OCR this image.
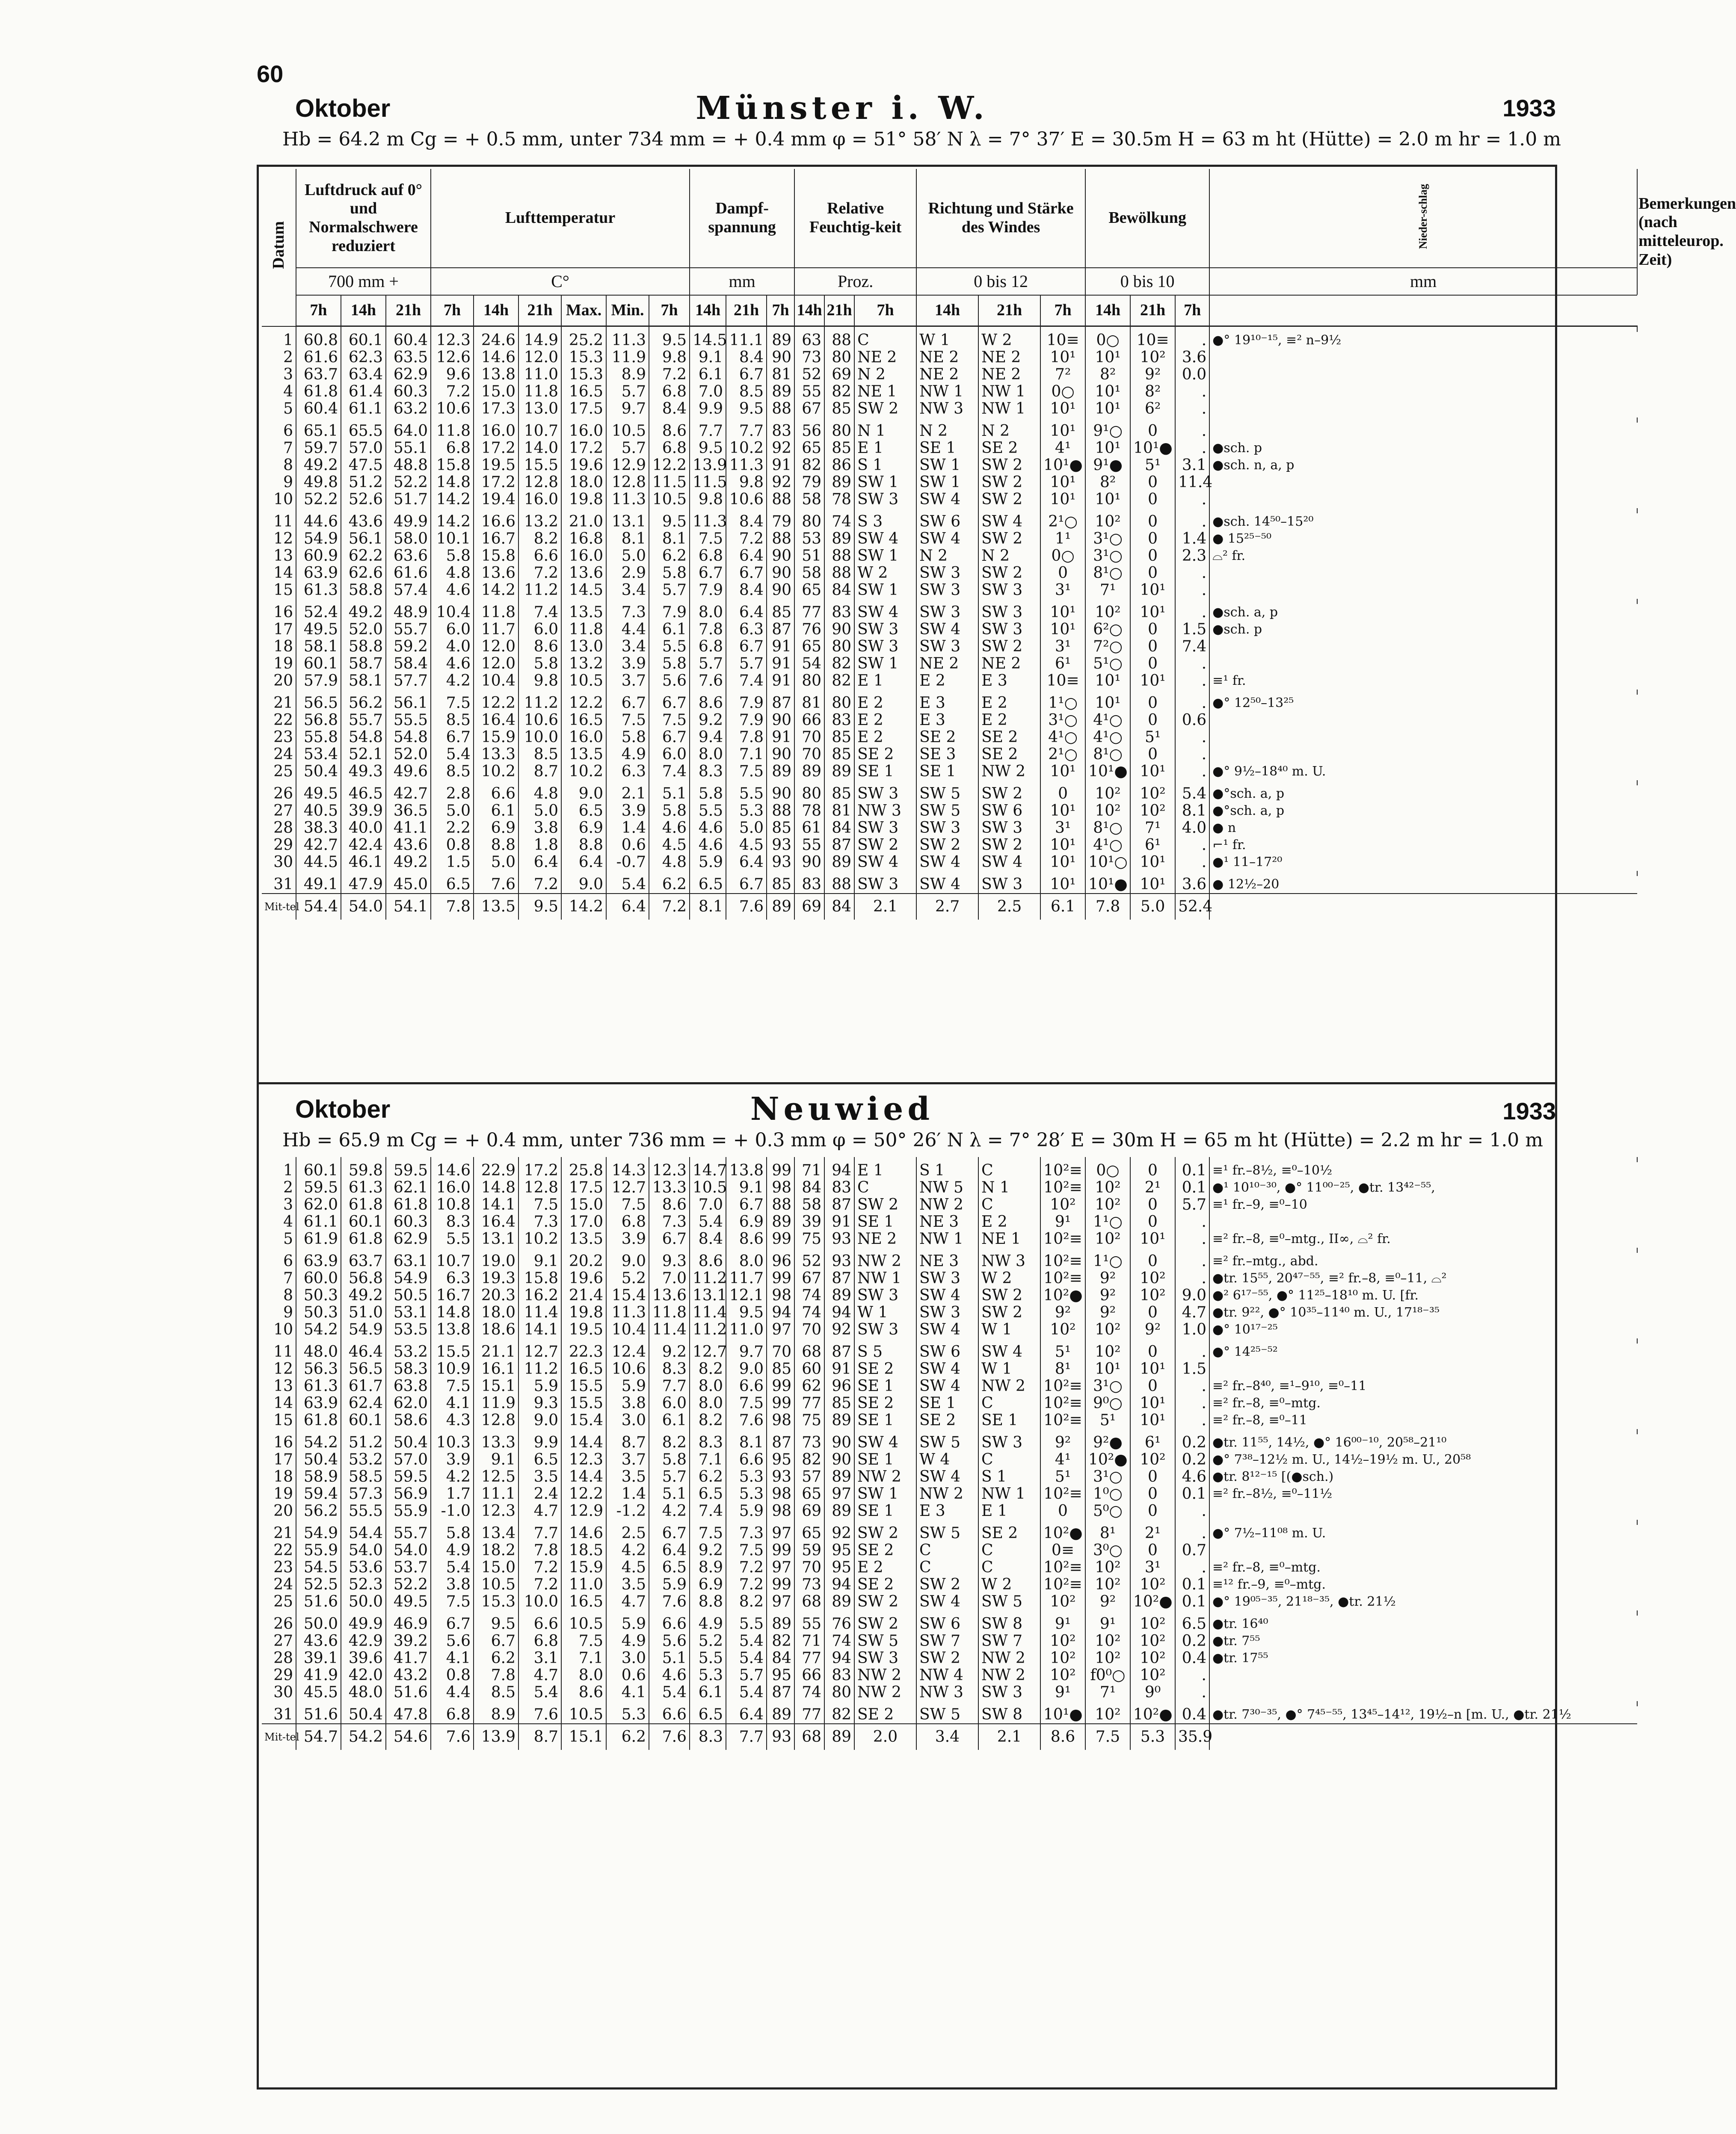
60
Oktober	Münster i. W.	1933
Hb = 64.2 m Cg = + 0.5 mm, unter 734 mm = + 0.4 mm φ = 51° 58′ N λ = 7° 37′ E = 30.5m H = 63 m ht (Hütte) = 2.0 m hr = 1.0 m
Datum	Luftdruck auf 0° und Normalschwere reduziert			Lufttemperatur						Dampf-spannung			Relative Feuchtig-keit			Richtung und Stärke des Windes			Bewölkung			Nieder-schlag	Bemerkungen (nach mitteleurop. Zeit)
	700 mm +			C°						mm			Proz.			0 bis 12			0 bis 10			mm	
	7h	14h	21h	7h	14h	21h	Max.	Min.	7h	14h	21h	7h	14h	21h	7h	14h	21h	7h	14h	21h	7h		

1	60.8	60.1	60.4	12.3	24.6	14.9	25.2	11.3	9.5	14.5	11.1	89	63	88	C	W 1	W 2	10≡	0○	10≡	.	●° 19¹⁰⁻¹⁵, ≡² n–9½	
2	61.6	62.3	63.5	12.6	14.6	12.0	15.3	11.9	9.8	9.1	8.4	90	73	80	NE 2	NE 2	NE 2	10¹	10¹	10²	3.6		
3	63.7	63.4	62.9	9.6	13.8	11.0	15.3	8.9	7.2	6.1	6.7	81	52	69	N 2	NE 2	NE 2	7²	8²	9²	0.0		
4	61.8	61.4	60.3	7.2	15.0	11.8	16.5	5.7	6.8	7.0	8.5	89	55	82	NE 1	NW 1	NW 1	0○	10¹	8²	.		
5	60.4	61.1	63.2	10.6	17.3	13.0	17.5	9.7	8.4	9.9	9.5	88	67	85	SW 2	NW 3	NW 1	10¹	10¹	6²	.		

6	65.1	65.5	64.0	11.8	16.0	10.7	16.0	10.5	8.6	7.7	7.7	83	56	80	N 1	N 2	N 2	10¹	9¹○	0	.		
7	59.7	57.0	55.1	6.8	17.2	14.0	17.2	5.7	6.8	9.5	10.2	92	65	85	E 1	SE 1	SE 2	4¹	10¹	10¹●	.	●sch. p	
8	49.2	47.5	48.8	15.8	19.5	15.5	19.6	12.9	12.2	13.9	11.3	91	82	86	S 1	SW 1	SW 2	10¹●	9¹●	5¹	3.1	●sch. n, a, p	
9	49.8	51.2	52.2	14.8	17.2	12.8	18.0	12.8	11.5	11.5	9.8	92	79	89	SW 1	SW 1	SW 2	10¹	8²	0	11.4		
10	52.2	52.6	51.7	14.2	19.4	16.0	19.8	11.3	10.5	9.8	10.6	88	58	78	SW 3	SW 4	SW 2	10¹	10¹	0	.		

11	44.6	43.6	49.9	14.2	16.6	13.2	21.0	13.1	9.5	11.3	8.4	79	80	74	S 3	SW 6	SW 4	2¹○	10²	0	.	●sch. 14⁵⁰–15²⁰	
12	54.9	56.1	58.0	10.1	16.7	8.2	16.8	8.1	8.1	7.5	7.2	88	53	89	SW 4	SW 4	SW 2	1¹	3¹○	0	1.4	● 15²⁵⁻⁵⁰	
13	60.9	62.2	63.6	5.8	15.8	6.6	16.0	5.0	6.2	6.8	6.4	90	51	88	SW 1	N 2	N 2	0○	3¹○	0	2.3	⌓² fr.	
14	63.9	62.6	61.6	4.8	13.6	7.2	13.6	2.9	5.8	6.7	6.7	90	58	88	W 2	SW 3	SW 2	0	8¹○	0	.		
15	61.3	58.8	57.4	4.6	14.2	11.2	14.5	3.4	5.7	7.9	8.4	90	65	84	SW 1	SW 3	SW 3	3¹	7¹	10¹	.		

16	52.4	49.2	48.9	10.4	11.8	7.4	13.5	7.3	7.9	8.0	6.4	85	77	83	SW 4	SW 3	SW 3	10¹	10²	10¹	.	●sch. a, p	
17	49.5	52.0	55.7	6.0	11.7	6.0	11.8	4.4	6.1	7.8	6.3	87	76	90	SW 3	SW 4	SW 3	10¹	6²○	0	1.5	●sch. p	
18	58.1	58.8	59.2	4.0	12.0	8.6	13.0	3.4	5.5	6.8	6.7	91	65	80	SW 3	SW 3	SW 2	3¹	7²○	0	7.4		
19	60.1	58.7	58.4	4.6	12.0	5.8	13.2	3.9	5.8	5.7	5.7	91	54	82	SW 1	NE 2	NE 2	6¹	5¹○	0	.		
20	57.9	58.1	57.7	4.2	10.4	9.8	10.5	3.7	5.6	7.6	7.4	91	80	82	E 1	E 2	E 3	10≡	10¹	10¹	.	≡¹ fr.	

21	56.5	56.2	56.1	7.5	12.2	11.2	12.2	6.7	6.7	8.6	7.9	87	81	80	E 2	E 3	E 2	1¹○	10¹	0	.	●° 12⁵⁰–13²⁵	
22	56.8	55.7	55.5	8.5	16.4	10.6	16.5	7.5	7.5	9.2	7.9	90	66	83	E 2	E 3	E 2	3¹○	4¹○	0	0.6		
23	55.8	54.8	54.8	6.7	15.9	10.0	16.0	5.8	6.7	9.4	7.8	91	70	85	E 2	SE 2	SE 2	4¹○	4¹○	5¹	.		
24	53.4	52.1	52.0	5.4	13.3	8.5	13.5	4.9	6.0	8.0	7.1	90	70	85	SE 2	SE 3	SE 2	2¹○	8¹○	0	.		
25	50.4	49.3	49.6	8.5	10.2	8.7	10.2	6.3	7.4	8.3	7.5	89	89	89	SE 1	SE 1	NW 2	10¹	10¹●	10¹	.	●° 9½–18⁴⁰ m. U.	

26	49.5	46.5	42.7	2.8	6.6	4.8	9.0	2.1	5.1	5.8	5.5	90	80	85	SW 3	SW 5	SW 2	0	10²	10²	5.4	●°sch. a, p	
27	40.5	39.9	36.5	5.0	6.1	5.0	6.5	3.9	5.8	5.5	5.3	88	78	81	NW 3	SW 5	SW 6	10¹	10²	10²	8.1	●°sch. a, p	
28	38.3	40.0	41.1	2.2	6.9	3.8	6.9	1.4	4.6	4.6	5.0	85	61	84	SW 3	SW 3	SW 3	3¹	8¹○	7¹	4.0	● n	
29	42.7	42.4	43.6	0.8	8.8	1.8	8.8	0.6	4.5	4.6	4.5	93	55	87	SW 2	SW 2	SW 2	10¹	4¹○	6¹	.	⌐¹ fr.	
30	44.5	46.1	49.2	1.5	5.0	6.4	6.4	-0.7	4.8	5.9	6.4	93	90	89	SW 4	SW 4	SW 4	10¹	10¹○	10¹	.	●¹ 11–17²⁰	

31	49.1	47.9	45.0	6.5	7.6	7.2	9.0	5.4	6.2	6.5	6.7	85	83	88	SW 3	SW 4	SW 3	10¹	10¹●	10¹	3.6	● 12½–20	
Mit-tel	54.4	54.0	54.1	7.8	13.5	9.5	14.2	6.4	7.2	8.1	7.6	89	69	84	2.1	2.7	2.5	6.1	7.8	5.0	52.4		
Oktober	Neuwied	1933
Hb = 65.9 m Cg = + 0.4 mm, unter 736 mm = + 0.3 mm φ = 50° 26′ N λ = 7° 28′ E = 30m H = 65 m ht (Hütte) = 2.2 m hr = 1.0 m

1	60.1	59.8	59.5	14.6	22.9	17.2	25.8	14.3	12.3	14.7	13.8	99	71	94	E 1	S 1	C	10²≡	0○	0	0.1	≡¹ fr.–8½, ≡⁰–10½
2	59.5	61.3	62.1	16.0	14.8	12.8	17.5	12.7	13.3	10.5	9.1	98	84	83	C	NW 5	N 1	10²≡	10²	2¹	0.1	●¹ 10¹⁰⁻³⁰, ●° 11⁰⁰⁻²⁵, ●tr. 13⁴²⁻⁵⁵,
3	62.0	61.8	61.8	10.8	14.1	7.5	15.0	7.5	8.6	7.0	6.7	88	58	87	SW 2	NW 2	C	10²	10²	0	5.7	≡¹ fr.–9, ≡⁰–10
4	61.1	60.1	60.3	8.3	16.4	7.3	17.0	6.8	7.3	5.4	6.9	89	39	91	SE 1	NE 3	E 2	9¹	1¹○	0	.	
5	61.9	61.8	62.9	5.5	13.1	10.2	13.5	3.9	6.7	8.4	8.6	99	75	93	NE 2	NW 1	NE 1	10²≡	10²	10¹	.	≡² fr.–8, ≡⁰–mtg., II∞, ⌓² fr.

6	63.9	63.7	63.1	10.7	19.0	9.1	20.2	9.0	9.3	8.6	8.0	96	52	93	NW 2	NE 3	NW 3	10²≡	1¹○	0	.	≡² fr.–mtg., abd.
7	60.0	56.8	54.9	6.3	19.3	15.8	19.6	5.2	7.0	11.2	11.7	99	67	87	NW 1	SW 3	W 2	10²≡	9²	10²	.	●tr. 15⁵⁵, 20⁴⁷⁻⁵⁵, ≡² fr.–8, ≡⁰–11, ⌓²
8	50.3	49.2	50.5	16.7	20.3	16.2	21.4	15.4	13.6	13.1	12.1	98	74	89	SW 3	SW 4	SW 2	10²●	9²	10²	9.0	●² 6¹⁷⁻⁵⁵, ●° 11²⁵–18¹⁰ m. U. [fr.
9	50.3	51.0	53.1	14.8	18.0	11.4	19.8	11.3	11.8	11.4	9.5	94	74	94	W 1	SW 3	SW 2	9²	9²	0	4.7	●tr. 9²², ●° 10³⁵–11⁴⁰ m. U., 17¹⁸⁻³⁵
10	54.2	54.9	53.5	13.8	18.6	14.1	19.5	10.4	11.4	11.2	11.0	97	70	92	SW 3	SW 4	W 1	10²	10²	9²	1.0	●° 10¹⁷⁻²⁵

11	48.0	46.4	53.2	15.5	21.1	12.7	22.3	12.4	9.2	12.7	9.7	70	68	87	S 5	SW 6	SW 4	5¹	10²	0	.	●° 14²⁵⁻⁵²
12	56.3	56.5	58.3	10.9	16.1	11.2	16.5	10.6	8.3	8.2	9.0	85	60	91	SE 2	SW 4	W 1	8¹	10¹	10¹	1.5	
13	61.3	61.7	63.8	7.5	15.1	5.9	15.5	5.9	7.7	8.0	6.6	99	62	96	SE 1	SW 4	NW 2	10²≡	3¹○	0	.	≡² fr.–8⁴⁰, ≡¹–9¹⁰, ≡⁰–11
14	63.9	62.4	62.0	4.1	11.9	9.3	15.5	3.8	6.0	8.0	7.5	99	77	85	SE 2	SE 1	C	10²≡	9⁰○	10¹	.	≡² fr.–8, ≡⁰–mtg.
15	61.8	60.1	58.6	4.3	12.8	9.0	15.4	3.0	6.1	8.2	7.6	98	75	89	SE 1	SE 2	SE 1	10²≡	5¹	10¹	.	≡² fr.–8, ≡⁰–11

16	54.2	51.2	50.4	10.3	13.3	9.9	14.4	8.7	8.2	8.3	8.1	87	73	90	SW 4	SW 5	SW 3	9²	9²●	6¹	0.2	●tr. 11⁵⁵, 14½, ●° 16⁰⁰⁻¹⁰, 20⁵⁸–21¹⁰
17	50.4	53.2	57.0	3.9	9.1	6.5	12.3	3.7	5.8	7.1	6.6	95	82	90	SE 1	W 4	C	4¹	10²●	10²	0.2	●° 7³⁸–12½ m. U., 14½–19½ m. U., 20⁵⁸
18	58.9	58.5	59.5	4.2	12.5	3.5	14.4	3.5	5.7	6.2	5.3	93	57	89	NW 2	SW 4	S 1	5¹	3¹○	0	4.6	●tr. 8¹²⁻¹⁵ [(●sch.)
19	59.4	57.3	56.9	1.7	11.1	2.4	12.2	1.4	5.1	6.5	5.3	98	65	97	SW 1	NW 2	NW 1	10²≡	1⁰○	0	0.1	≡² fr.–8½, ≡⁰–11½
20	56.2	55.5	55.9	-1.0	12.3	4.7	12.9	-1.2	4.2	7.4	5.9	98	69	89	SE 1	E 3	E 1	0	5⁰○	0	.	

21	54.9	54.4	55.7	5.8	13.4	7.7	14.6	2.5	6.7	7.5	7.3	97	65	92	SW 2	SW 5	SE 2	10²●	8¹	2¹	.	●° 7½–11⁰⁸ m. U.
22	55.9	54.0	54.0	4.9	18.2	7.8	18.5	4.2	6.4	9.2	7.5	99	59	95	SE 2	C	C	0≡	3⁰○	0	0.7	
23	54.5	53.6	53.7	5.4	15.0	7.2	15.9	4.5	6.5	8.9	7.2	97	70	95	E 2	C	C	10²≡	10²	3¹	.	≡² fr.–8, ≡⁰–mtg.
24	52.5	52.3	52.2	3.8	10.5	7.2	11.0	3.5	5.9	6.9	7.2	99	73	94	SE 2	SW 2	W 2	10²≡	10²	10²	0.1	≡¹² fr.–9, ≡⁰–mtg.
25	51.6	50.0	49.5	7.5	15.3	10.0	16.5	4.7	7.6	8.8	8.2	97	68	89	SW 2	SW 4	SW 5	10²	9²	10²●	0.1	●° 19⁰⁵⁻³⁵, 21¹⁸⁻³⁵, ●tr. 21½

26	50.0	49.9	46.9	6.7	9.5	6.6	10.5	5.9	6.6	4.9	5.5	89	55	76	SW 2	SW 6	SW 8	9¹	9¹	10²	6.5	●tr. 16⁴⁰
27	43.6	42.9	39.2	5.6	6.7	6.8	7.5	4.9	5.6	5.2	5.4	82	71	74	SW 5	SW 7	SW 7	10²	10²	10²	0.2	●tr. 7⁵⁵
28	39.1	39.6	41.7	4.1	6.2	3.1	7.1	3.0	5.1	5.5	5.4	84	77	94	SW 3	SW 2	NW 2	10²	10²	10²	0.4	●tr. 17⁵⁵
29	41.9	42.0	43.2	0.8	7.8	4.7	8.0	0.6	4.6	5.3	5.7	95	66	83	NW 2	NW 4	NW 2	10²	f0⁰○	10²	.	
30	45.5	48.0	51.6	4.4	8.5	5.4	8.6	4.1	5.4	6.1	5.4	87	74	80	NW 2	NW 3	SW 3	9¹	7¹	9⁰	.	

31	51.6	50.4	47.8	6.8	8.9	7.6	10.5	5.3	6.6	6.5	6.4	89	77	82	SE 2	SW 5	SW 8	10¹●	10²	10²●	0.4	●tr. 7³⁰⁻³⁵, ●° 7⁴⁵⁻⁵⁵, 13⁴⁵–14¹², 19½–n [m. U., ●tr. 21½
Mit-tel	54.7	54.2	54.6	7.6	13.9	8.7	15.1	6.2	7.6	8.3	7.7	93	68	89	2.0	3.4	2.1	8.6	7.5	5.3	35.9	
